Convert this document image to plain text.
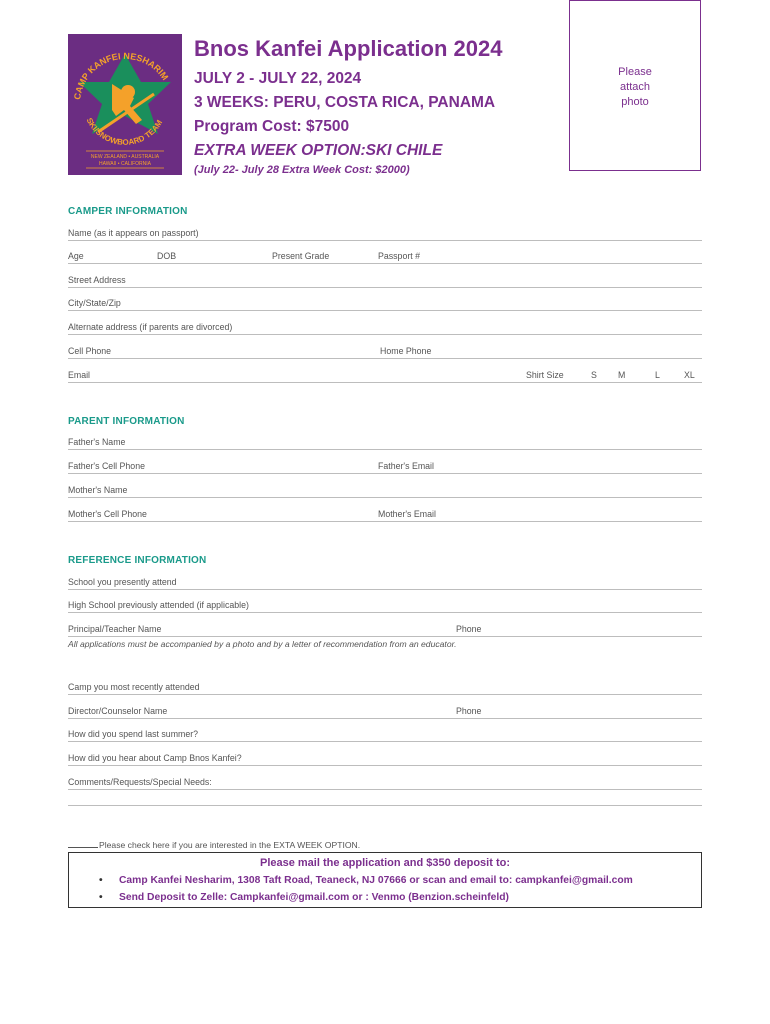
CAMP KANFEI NESHARIM
SKI/SNOWBOARD TEAM
NEW ZEALAND • AUSTRALIA
HAWAII • CALIFORNIA
Bnos Kanfei Application 2024
JULY 2 - JULY 22, 2024
3 WEEKS: PERU, COSTA RICA, PANAMA
Program Cost: $7500
EXTRA WEEK OPTION:SKI CHILE
(July 22- July 28 Extra Week Cost: $2000)
Please
attach
photo
CAMPER INFORMATION
Name (as it appears on passport)
Age	DOB	Present Grade	Passport #
Street Address
City/State/Zip
Alternate address (if parents are divorced)
Cell Phone	Home Phone
Email	Shirt Size	S M	L	XL
PARENT INFORMATION
Father's Name
Father's Cell Phone	Father's Email
Mother's Name
Mother's Cell Phone	Mother's Email
REFERENCE INFORMATION
School you presently attend
High School previously attended (if applicable)
Principal/Teacher Name	Phone
All applications must be accompanied by a photo and by a letter of recommendation from an educator.
Camp you most recently attended
Director/Counselor Name	Phone
How did you spend last summer?
How did you hear about Camp Bnos Kanfei?
Comments/Requests/Special Needs:
Please check here if you are interested in the EXTA WEEK OPTION.
Please mail the application and $350 deposit to:
• Camp Kanfei Nesharim, 1308 Taft Road, Teaneck, NJ 07666 or scan and email to: campkanfei@gmail.com
• Send Deposit to Zelle: Campkanfei@gmail.com or : Venmo (Benzion.scheinfeld)
